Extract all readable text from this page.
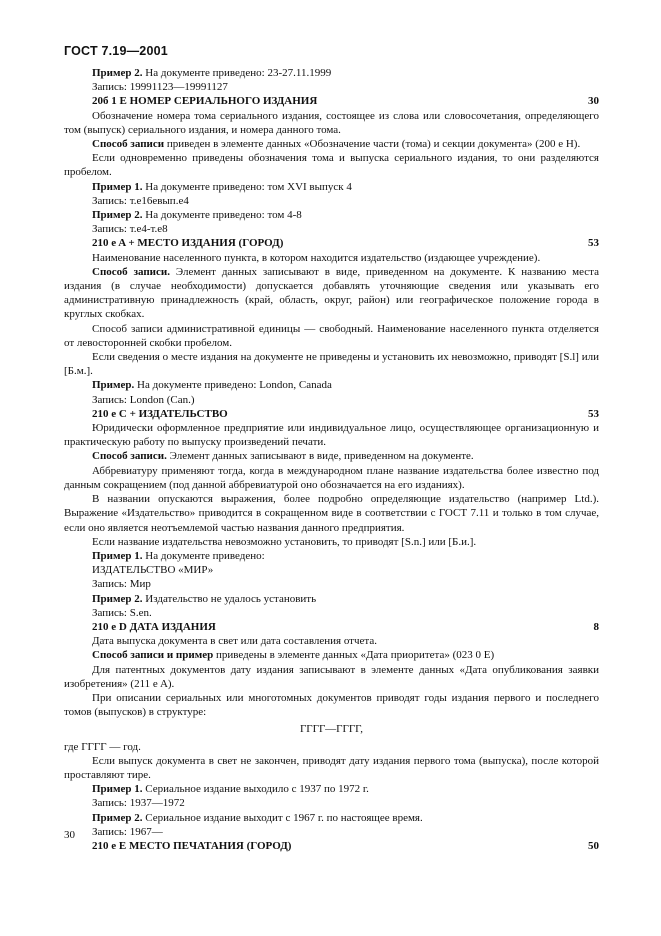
ГОСТ 7.19—2001

Пример 2. На документе приведено: 23-27.11.1999

Запись: 19991123—19991127

20б 1 E НОМЕР СЕРИАЛЬНОГО ИЗДАНИЯ	30

Обозначение номера тома сериального издания, состоящее из слова или словосочетания, определяющего том (выпуск) сериального издания, и номера данного тома.

Способ записи приведен в элементе данных «Обозначение части (тома) и секции документа» (200 e H).

Если одновременно приведены обозначения тома и выпуска сериального издания, то они разделяются пробелом.

Пример 1. На документе приведено: том XVI выпуск 4

Запись: т.e16eвып.e4

Пример 2. На документе приведено: том 4-8

Запись: т.e4-т.e8

210 e A + МЕСТО ИЗДАНИЯ (ГОРОД)	53

Наименование населенного пункта, в котором находится издательство (издающее учреждение).

Способ записи. Элемент данных записывают в виде, приведенном на документе. К названию места издания (в случае необходимости) допускается добавлять уточняющие сведения или указывать его административную принадлежность (край, область, округ, район) или географическое положение города в круглых скобках.

Способ записи административной единицы — свободный. Наименование населенного пункта отделяется от левосторонней скобки пробелом.

Если сведения о месте издания на документе не приведены и установить их невозможно, приводят [S.l] или [Б.м.].

Пример. На документе приведено: London, Canada

Запись: London (Can.)

210 e C + ИЗДАТЕЛЬСТВО	53

Юридически оформленное предприятие или индивидуальное лицо, осуществляющее организационную и практическую работу по выпуску произведений печати.

Способ записи. Элемент данных записывают в виде, приведенном на документе.

Аббревиатуру применяют тогда, когда в международном плане название издательства более известно под данным сокращением (под данной аббревиатурой оно обозначается на его изданиях).

В названии опускаются выражения, более подробно определяющие издательство (например Ltd.). Выражение «Издательство» приводится в сокращенном виде в соответствии с ГОСТ 7.11 и только в том случае, если оно является неотъемлемой частью названия данного предприятия.

Если название издательства невозможно установить, то приводят [S.n.] или [Б.и.].

Пример 1. На документе приведено:

ИЗДАТЕЛЬСТВО «МИР»

Запись: Мир

Пример 2. Издательство не удалось установить

Запись: S.en.

210 e D ДАТА ИЗДАНИЯ	8

Дата выпуска документа в свет или дата составления отчета.

Способ записи и пример приведены в элементе данных «Дата приоритета» (023 0 E)

Для патентных документов дату издания записывают в элементе данных «Дата опубликования заявки изобретения» (211 e A).

При описании сериальных или многотомных документов приводят годы издания первого и последнего томов (выпусков) в структуре:

ГГГГ—ГГГГ,

где ГГГГ — год.

Если выпуск документа в свет не закончен, приводят дату издания первого тома (выпуска), после которой проставляют тире.

Пример 1. Сериальное издание выходило с 1937 по 1972 г.

Запись: 1937—1972

Пример 2. Сериальное издание выходит с 1967 г. по настоящее время.

Запись: 1967—

210 e E МЕСТО ПЕЧАТАНИЯ (ГОРОД)	50
30
